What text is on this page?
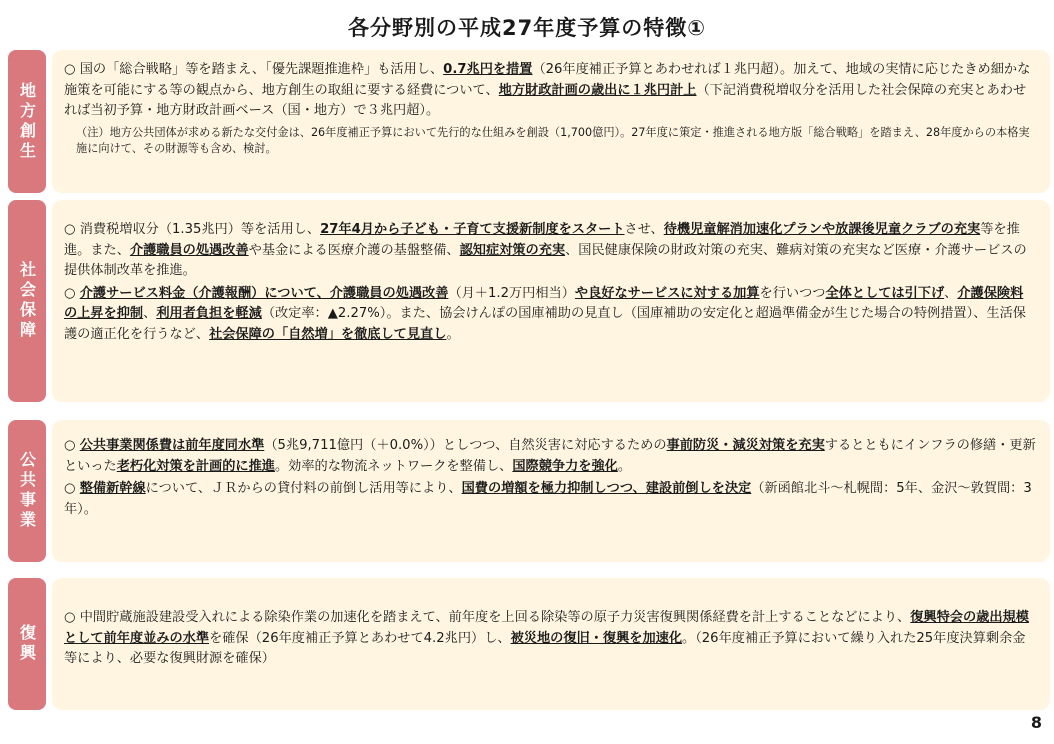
各分野別の平成27年度予算の特徴①
地方創生

○ 国の「総合戦略」等を踏まえ、「優先課題推進枠」も活用し、0.7兆円を措置（26年度補正予算とあわせれば１兆円超）。加えて、地域の実情に応じたきめ細かな施策を可能にする等の観点から、地方創生の取組に要する経費について、地方財政計画の歳出に１兆円計上（下記消費税増収分を活用した社会保障の充実とあわせれば当初予算・地方財政計画ベース（国・地方）で３兆円超）。

（注）地方公共団体が求める新たな交付金は、26年度補正予算において先行的な仕組みを創設（1,700億円）。27年度に策定・推進される地方版「総合戦略」を踏まえ、28年度からの本格実施に向けて、その財源等も含め、検討。
社会保障

○ 消費税増収分（1.35兆円）等を活用し、27年4月から子ども・子育て支援新制度をスタートさせ、待機児童解消加速化プランや放課後児童クラブの充実等を推進。また、介護職員の処遇改善や基金による医療介護の基盤整備、認知症対策の充実、国民健康保険の財政対策の充実、難病対策の充実など医療・介護サービスの提供体制改革を推進。

○ 介護サービス料金（介護報酬）について、介護職員の処遇改善（月＋1.2万円相当）や良好なサービスに対する加算を行いつつ全体としては引下げ、介護保険料の上昇を抑制、利用者負担を軽減（改定率：▲2.27%）。また、協会けんぽの国庫補助の見直し（国庫補助の安定化と超過準備金が生じた場合の特例措置）、生活保護の適正化を行うなど、社会保障の「自然増」を徹底して見直し。

公共事業

○ 公共事業関係費は前年度同水準（5兆9,711億円（＋0.0%））としつつ、自然災害に対応するための事前防災・減災対策を充実するとともにインフラの修繕・更新といった老朽化対策を計画的に推進。効率的な物流ネットワークを整備し、国際競争力を強化。

○ 整備新幹線について、ＪＲからの貸付料の前倒し活用等により、国費の増額を極力抑制しつつ、建設前倒しを決定（新函館北斗～札幌間：5年、金沢～敦賀間：3年）。

復興

○ 中間貯蔵施設建設受入れによる除染作業の加速化を踏まえて、前年度を上回る除染等の原子力災害復興関係経費を計上することなどにより、復興特会の歳出規模として前年度並みの水準を確保（26年度補正予算とあわせて4.2兆円）し、被災地の復旧・復興を加速化。（26年度補正予算において繰り入れた25年度決算剰余金等により、必要な復興財源を確保）

8
